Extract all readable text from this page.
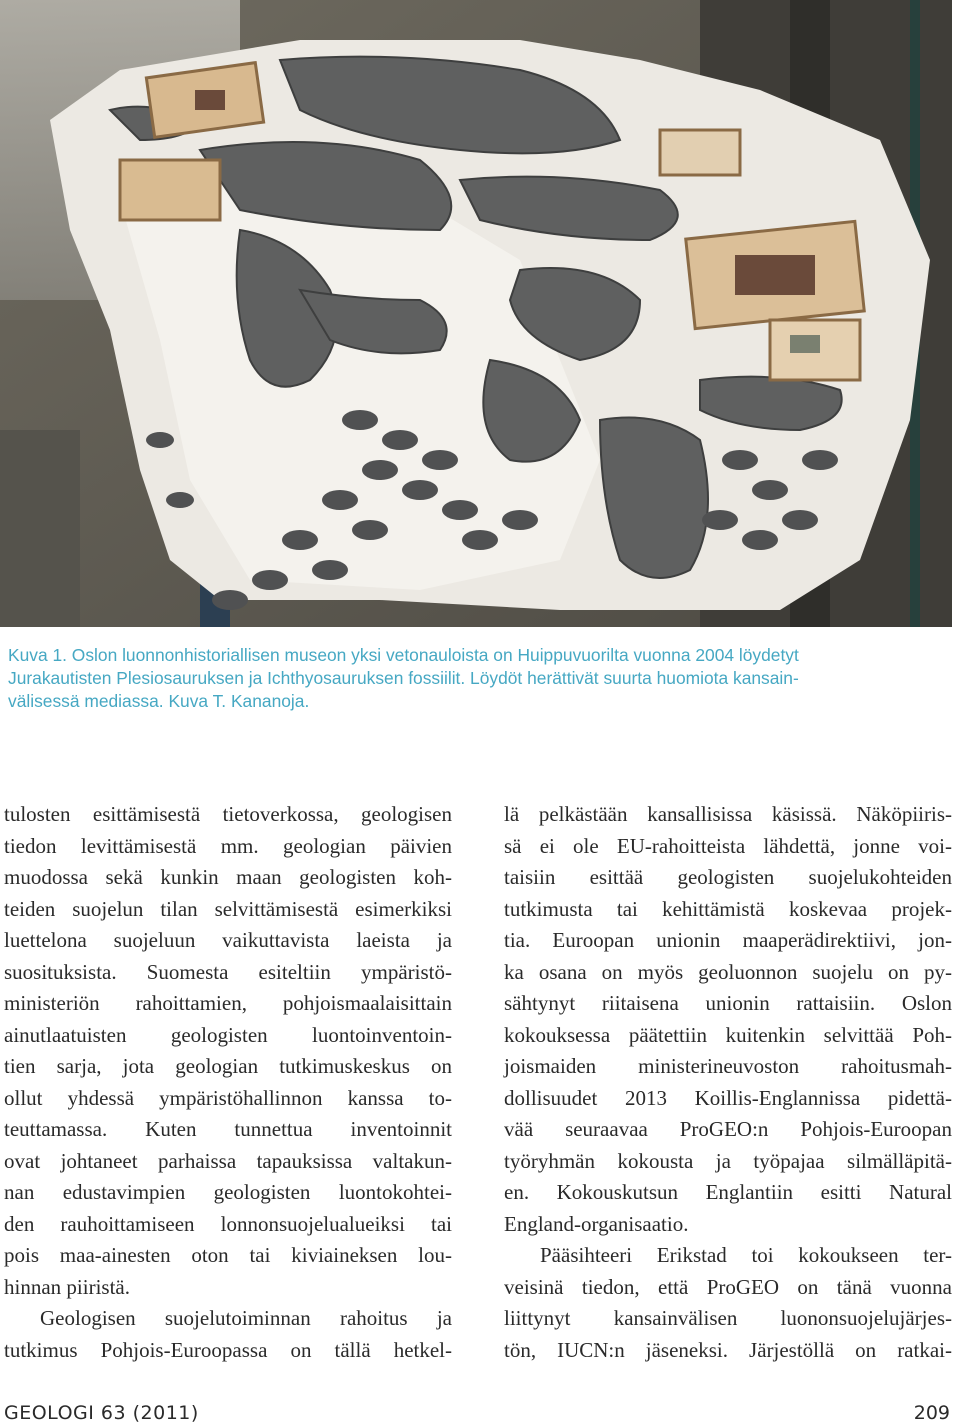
Kuva 1. Oslon luonnonhistoriallisen museon yksi vetonauloista on Huippuvuorilta vuonna 2004 löydetyt
Jurakautisten Plesiosauruksen ja Ichthyosauruksen fossiilit. Löydöt herättivät suurta huomiota kansain-
välisessä mediassa. Kuva T. Kananoja.

tulosten esittämisestä tietoverkossa, geologisen
tiedon levittämisestä mm. geologian päivien
muodossa sekä kunkin maan geologisten koh-
teiden suojelun tilan selvittämisestä esimerkiksi
luettelona suojeluun vaikuttavista laeista ja
suosituksista. Suomesta esiteltiin ympäristö-
ministeriön rahoittamien, pohjoismaalaisittain
ainutlaatuisten geologisten luontoinventoin-
tien sarja, jota geologian tutkimuskeskus on
ollut yhdessä ympäristöhallinnon kanssa to-
teuttamassa. Kuten tunnettua inventoinnit
ovat johtaneet parhaissa tapauksissa valtakun-
nan edustavimpien geologisten luontokohtei-
den rauhoittamiseen lonnonsuojelualueiksi tai
pois maa-ainesten oton tai kiviaineksen lou-
hinnan piiristä.
Geologisen suojelutoiminnan rahoitus ja
tutkimus Pohjois-Euroopassa on tällä hetkel-
lä pelkästään kansallisissa käsissä. Näköpiiris-
sä ei ole EU-rahoitteista lähdettä, jonne voi-
taisiin esittää geologisten suojelukohteiden
tutkimusta tai kehittämistä koskevaa projek-
tia. Euroopan unionin maaperädirektiivi, jon-
ka osana on myös geoluonnon suojelu on py-
sähtynyt riitaisena unionin rattaisiin. Oslon
kokouksessa päätettiin kuitenkin selvittää Poh-
joismaiden ministerineuvoston rahoitusmah-
dollisuudet 2013 Koillis-Englannissa pidettä-
vää seuraavaa ProGEO:n Pohjois-Euroopan
työryhmän kokousta ja työpajaa silmälläpitä-
en. Kokouskutsun Englantiin esitti Natural
England-organisaatio.
Pääsihteeri Erikstad toi kokoukseen ter-
veisinä tiedon, että ProGEO on tänä vuonna
liittynyt kansainvälisen luononsuojelujärjes-
tön, IUCN:n jäseneksi. Järjestöllä on ratkai-
GEOLOGI 63 (2011)	209
